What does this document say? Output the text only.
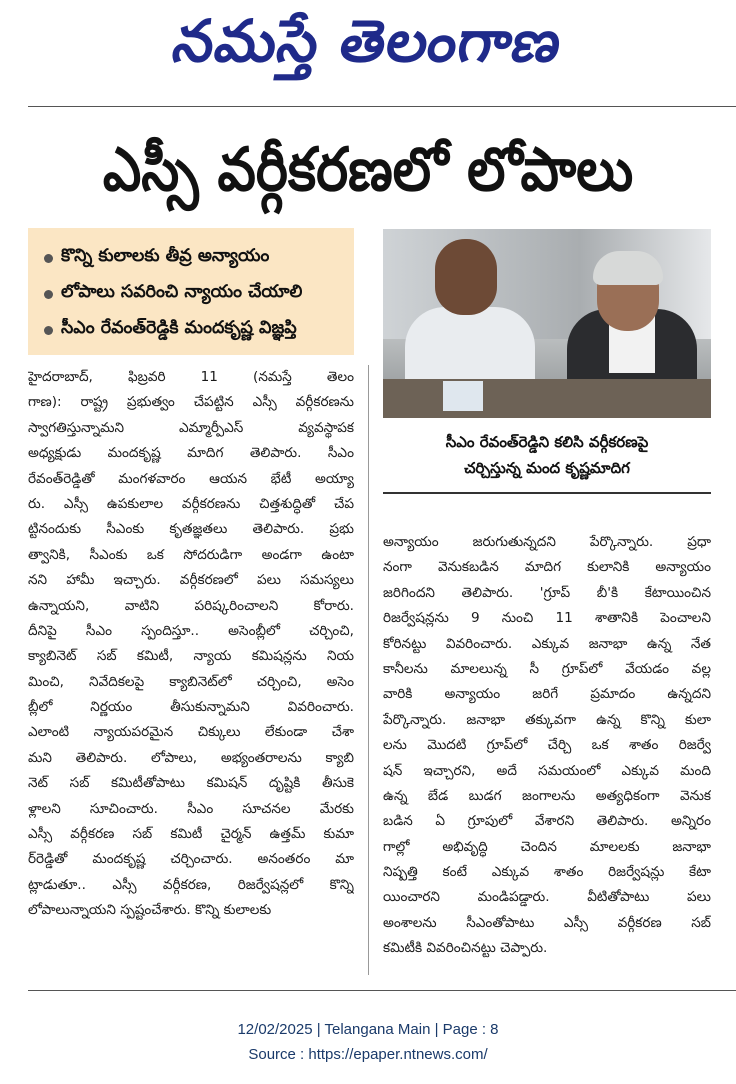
నమస్తే తెలంగాణ
ఎస్సీ వర్గీకరణలో లోపాలు
కొన్ని కులాలకు తీవ్ర అన్యాయం
లోపాలు సవరించి న్యాయం చేయాలి
సీఎం రేవంత్‌రెడ్డికి మందకృష్ణ విజ్ఞప్తి
సీఎం రేవంత్‌రెడ్డిని కలిసి వర్గీకరణపై
చర్చిస్తున్న మంద కృష్ణమాదిగ
హైదరాబాద్, ఫిబ్రవరి 11 (నమస్తే తెలం
గాణ): రాష్ట్ర ప్రభుత్వం చేపట్టిన ఎస్సీ వర్గీకరణను
స్వాగతిస్తున్నామని ఎమ్మార్పీఎస్ వ్యవస్థాపక
అధ్యక్షుడు మందకృష్ణ మాదిగ తెలిపారు. సీఎం
రేవంత్‌రెడ్డితో మంగళవారం ఆయన భేటీ అయ్యా
రు. ఎస్సీ ఉపకులాల వర్గీకరణను చిత్తశుద్ధితో చేప
ట్టినందుకు సీఎంకు కృతజ్ఞతలు తెలిపారు. ప్రభు
త్వానికి, సీఎంకు ఒక సోదరుడిగా అండగా ఉంటా
నని హామీ ఇచ్చారు. వర్గీకరణలో పలు సమస్యలు
ఉన్నాయని, వాటిని పరిష్కరించాలని కోరారు.
దీనిపై సీఎం స్పందిస్తూ.. అసెంబ్లీలో చర్చించి,
క్యాబినెట్ సబ్ కమిటీ, న్యాయ కమిషన్లను నియ
మించి, నివేదికలపై క్యాబినెట్‌లో చర్చించి, అసెం
బ్లీలో నిర్ణయం తీసుకున్నామని వివరించారు.
ఎలాంటి న్యాయపరమైన చిక్కులు లేకుండా చేశా
మని తెలిపారు. లోపాలు, అభ్యంతరాలను క్యాబి
నెట్ సబ్ కమిటీతోపాటు కమిషన్ దృష్టికి తీసుకె
ళ్లాలని సూచించారు. సీఎం సూచనల మేరకు
ఎస్సీ వర్గీకరణ సబ్ కమిటీ చైర్మన్ ఉత్తమ్ కుమా
ర్‌రెడ్డితో మందకృష్ణ చర్చించారు. అనంతరం మా
ట్లాడుతూ.. ఎస్సీ వర్గీకరణ, రిజర్వేషన్లలో కొన్ని
లోపాలున్నాయని స్పష్టంచేశారు. కొన్ని కులాలకు
అన్యాయం జరుగుతున్నదని పేర్కొన్నారు. ప్రధా
నంగా వెనుకబడిన మాదిగ కులానికి అన్యాయం
జరిగిందని తెలిపారు. 'గ్రూప్ బీ'కి కేటాయించిన
రిజర్వేషన్లను 9 నుంచి 11 శాతానికి పెంచాలని
కోరినట్టు వివరించారు. ఎక్కువ జనాభా ఉన్న నేత
కానీలను మాలలున్న సీ గ్రూప్‌లో వేయడం వల్ల
వారికి అన్యాయం జరిగే ప్రమాదం ఉన్నదని
పేర్కొన్నారు. జనాభా తక్కువగా ఉన్న కొన్ని కులా
లను మొదటి గ్రూప్‌లో చేర్చి ఒక శాతం రిజర్వే
షన్ ఇచ్చారని, అదే సమయంలో ఎక్కువ మంది
ఉన్న బేడ బుడగ జంగాలను అత్యధికంగా వెనుక
బడిన ఏ గ్రూపులో వేశారని తెలిపారు. అన్నిరం
గాల్లో అభివృద్ధి చెందిన మాలలకు జనాభా
నిష్పత్తి కంటే ఎక్కువ శాతం రిజర్వేషన్లు కేటా
యించారని మండిపడ్డారు. వీటితోపాటు పలు
అంశాలను సీఎంతోపాటు ఎస్సీ వర్గీకరణ సబ్
కమిటీకి వివరించినట్టు చెప్పారు.
12/02/2025 | Telangana Main | Page : 8
Source : https://epaper.ntnews.com/
